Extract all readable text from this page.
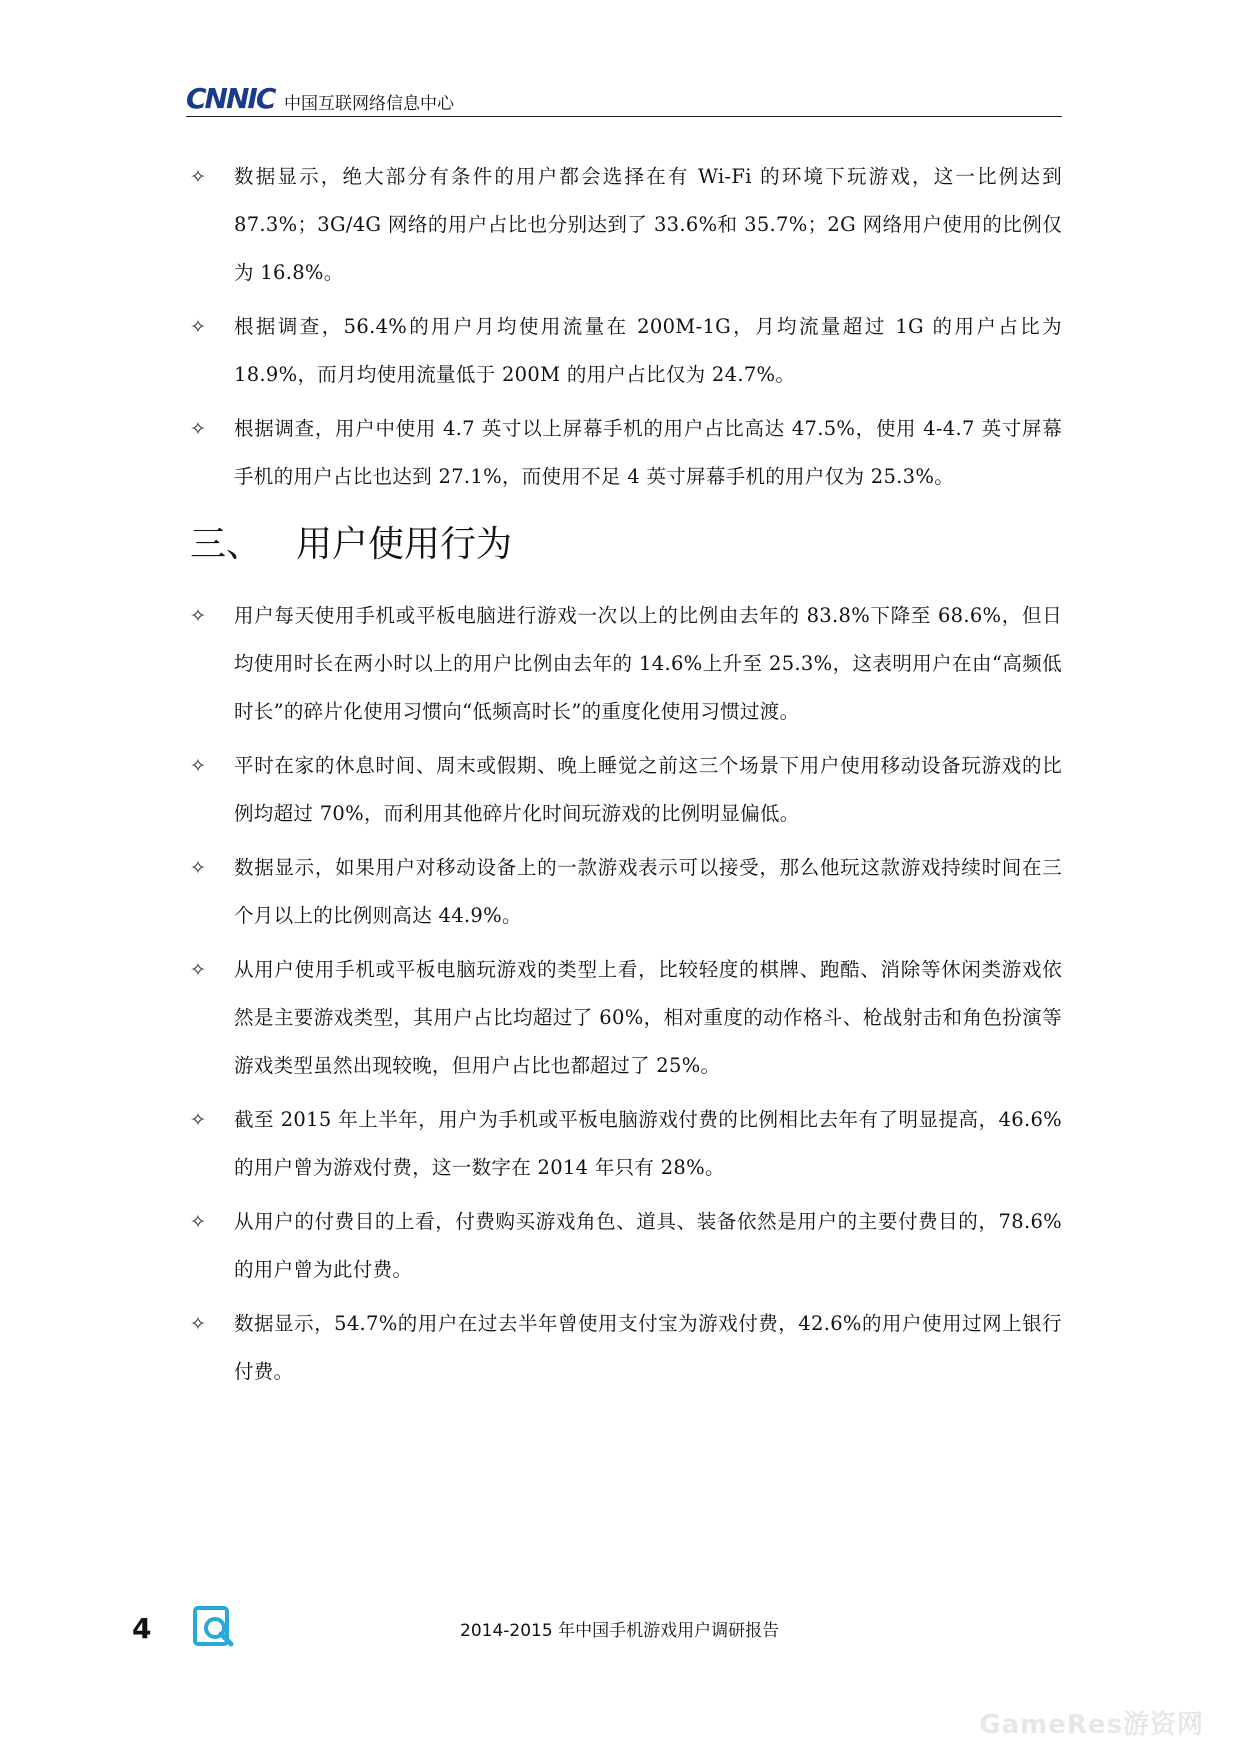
CNNIC 中国互联网络信息中心
✧ 数据显示，绝大部分有条件的用户都会选择在有 Wi-Fi 的环境下玩游戏，这一比例达到 87.3%；3G/4G 网络的用户占比也分别达到了 33.6%和 35.7%；2G 网络用户使用的比例仅为 16.8%。
✧ 根据调查，56.4%的用户月均使用流量在 200M-1G，月均流量超过 1G 的用户占比为 18.9%，而月均使用流量低于 200M 的用户占比仅为 24.7%。
✧ 根据调查，用户中使用 4.7 英寸以上屏幕手机的用户占比高达 47.5%，使用 4-4.7 英寸屏幕手机的用户占比也达到 27.1%，而使用不足 4 英寸屏幕手机的用户仅为 25.3%。
三、 用户使用行为
✧ 用户每天使用手机或平板电脑进行游戏一次以上的比例由去年的 83.8%下降至 68.6%，但日均使用时长在两小时以上的用户比例由去年的 14.6%上升至 25.3%，这表明用户在由“高频低时长”的碎片化使用习惯向“低频高时长”的重度化使用习惯过渡。
✧ 平时在家的休息时间、周末或假期、晚上睡觉之前这三个场景下用户使用移动设备玩游戏的比例均超过 70%，而利用其他碎片化时间玩游戏的比例明显偏低。
✧ 数据显示，如果用户对移动设备上的一款游戏表示可以接受，那么他玩这款游戏持续时间在三个月以上的比例则高达 44.9%。
✧ 从用户使用手机或平板电脑玩游戏的类型上看，比较轻度的棋牌、跑酷、消除等休闲类游戏依然是主要游戏类型，其用户占比均超过了 60%，相对重度的动作格斗、枪战射击和角色扮演等游戏类型虽然出现较晚，但用户占比也都超过了 25%。
✧ 截至 2015 年上半年，用户为手机或平板电脑游戏付费的比例相比去年有了明显提高，46.6%的用户曾为游戏付费，这一数字在 2014 年只有 28%。
✧ 从用户的付费目的上看，付费购买游戏角色、道具、装备依然是用户的主要付费目的，78.6%的用户曾为此付费。
✧ 数据显示，54.7%的用户在过去半年曾使用支付宝为游戏付费，42.6%的用户使用过网上银行付费。
4	2014-2015 年中国手机游戏用户调研报告
GameRes游资网
